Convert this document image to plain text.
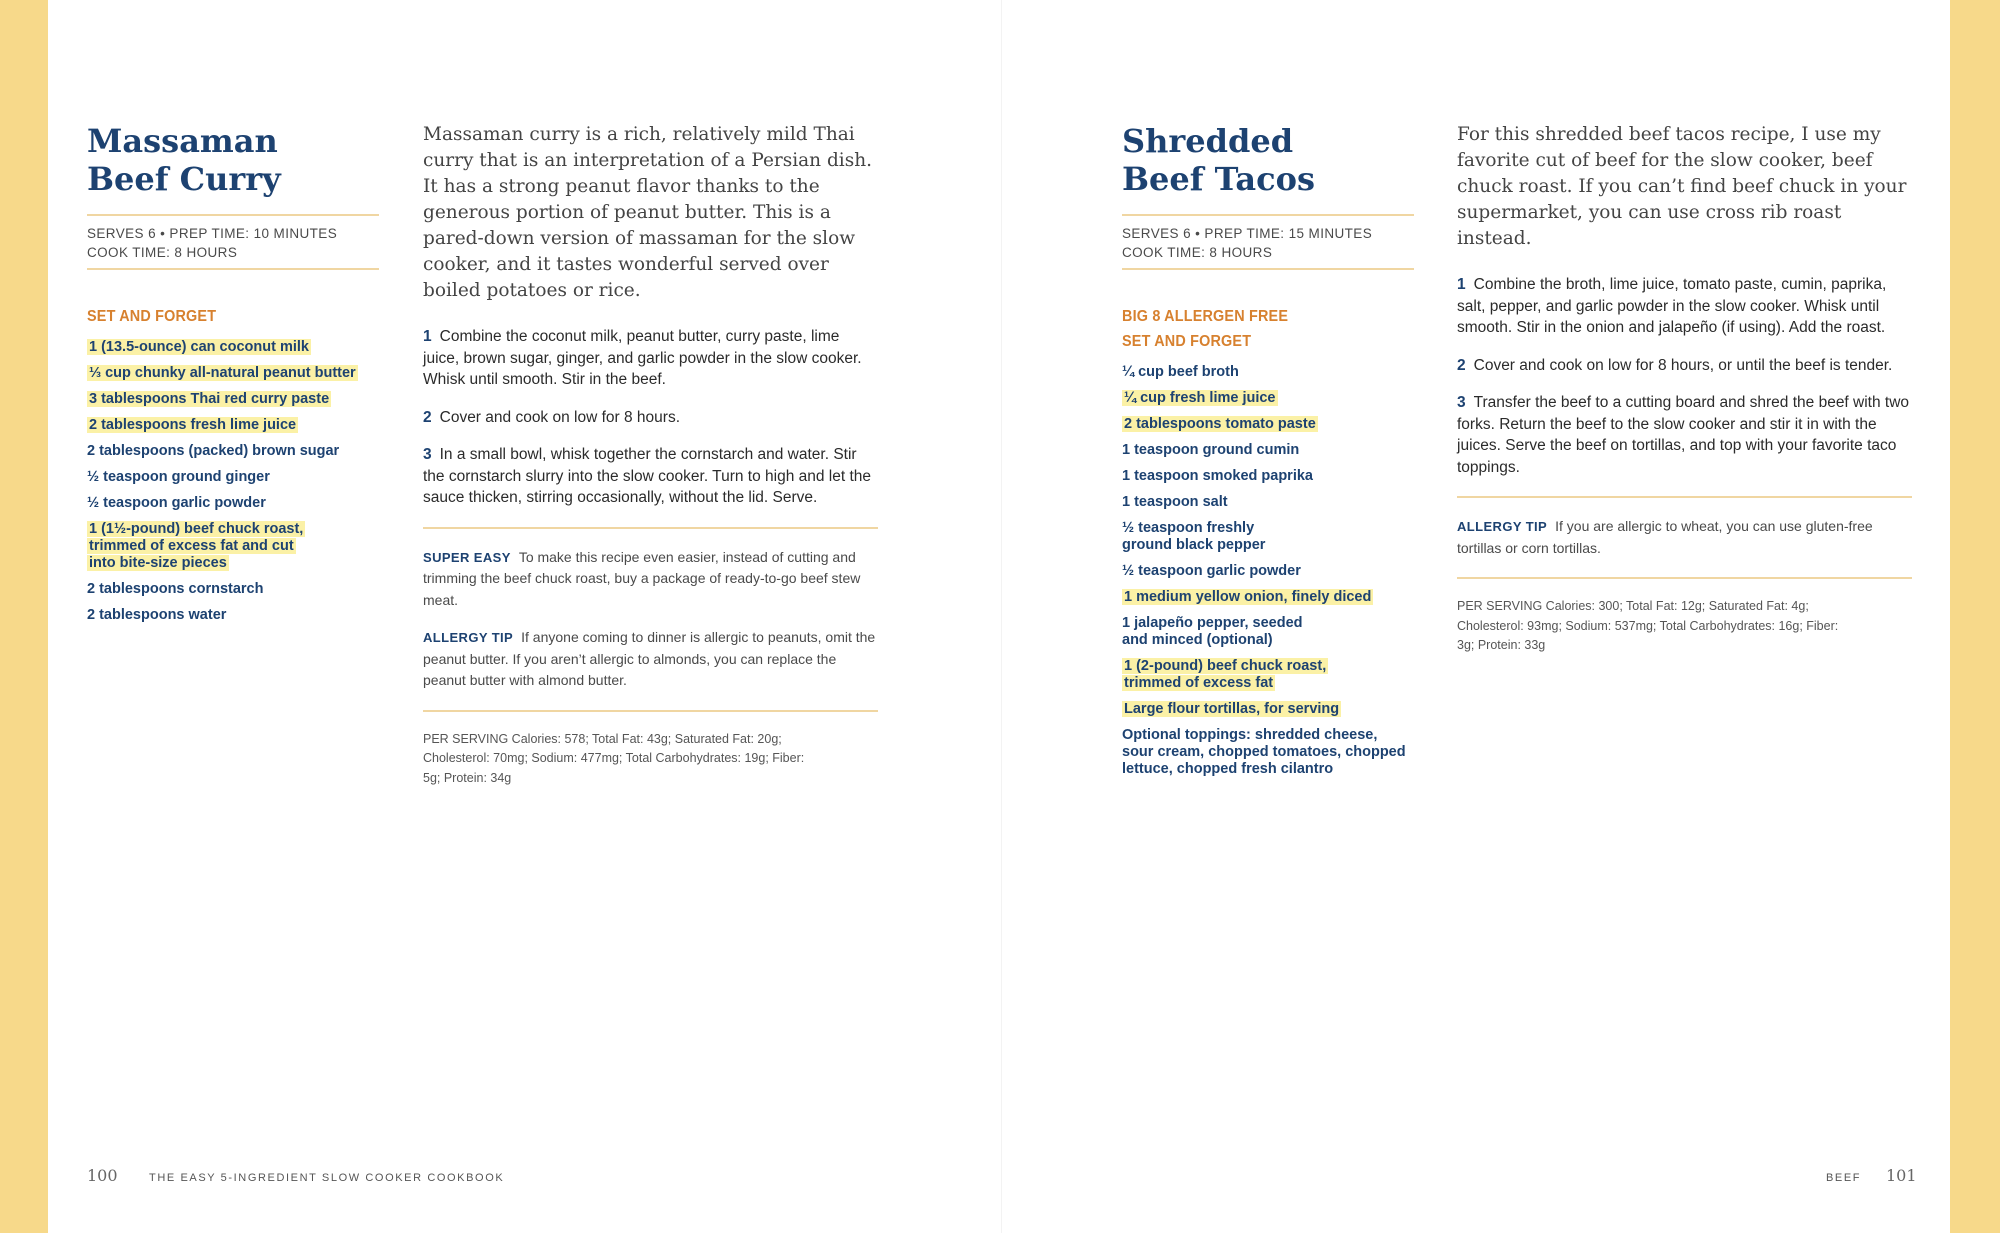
Massaman
Beef Curry
SERVES 6 • PREP TIME: 10 MINUTES
COOK TIME: 8 HOURS
SET AND FORGET
1 (13.5-ounce) can coconut milk
⅓ cup chunky all-natural peanut butter
3 tablespoons Thai red curry paste
2 tablespoons fresh lime juice
2 tablespoons (packed) brown sugar
½ teaspoon ground ginger
½ teaspoon garlic powder
1 (1½-pound) beef chuck roast, trimmed of excess fat and cut into bite-size pieces
2 tablespoons cornstarch
2 tablespoons water

Massaman curry is a rich, relatively mild Thai curry that is an interpretation of a Persian dish. It has a strong peanut flavor thanks to the generous portion of peanut butter. This is a pared-down version of massaman for the slow cooker, and it tastes wonderful served over boiled potatoes or rice.

1 Combine the coconut milk, peanut butter, curry paste, lime juice, brown sugar, ginger, and garlic powder in the slow cooker. Whisk until smooth. Stir in the beef.

2 Cover and cook on low for 8 hours.

3 In a small bowl, whisk together the cornstarch and water. Stir the cornstarch slurry into the slow cooker. Turn to high and let the sauce thicken, stirring occasionally, without the lid. Serve.

SUPER EASY To make this recipe even easier, instead of cutting and trimming the beef chuck roast, buy a package of ready-to-go beef stew meat.

ALLERGY TIP If anyone coming to dinner is allergic to peanuts, omit the peanut butter. If you aren’t allergic to almonds, you can replace the peanut butter with almond butter.

PER SERVING Calories: 578; Total Fat: 43g; Saturated Fat: 20g; Cholesterol: 70mg; Sodium: 477mg; Total Carbohydrates: 19g; Fiber: 5g; Protein: 34g

100	THE EASY 5-INGREDIENT SLOW COOKER COOKBOOK
Shredded
Beef Tacos
SERVES 6 • PREP TIME: 15 MINUTES
COOK TIME: 8 HOURS
BIG 8 ALLERGEN FREE
SET AND FORGET
¼ cup beef broth
¼ cup fresh lime juice
2 tablespoons tomato paste
1 teaspoon ground cumin
1 teaspoon smoked paprika
1 teaspoon salt
½ teaspoon freshly ground black pepper
½ teaspoon garlic powder
1 medium yellow onion, finely diced
1 jalapeño pepper, seeded and minced (optional)
1 (2-pound) beef chuck roast, trimmed of excess fat
Large flour tortillas, for serving
Optional toppings: shredded cheese, sour cream, chopped tomatoes, chopped lettuce, chopped fresh cilantro

For this shredded beef tacos recipe, I use my favorite cut of beef for the slow cooker, beef chuck roast. If you can’t find beef chuck in your supermarket, you can use cross rib roast instead.

1 Combine the broth, lime juice, tomato paste, cumin, paprika, salt, pepper, and garlic powder in the slow cooker. Whisk until smooth. Stir in the onion and jalapeño (if using). Add the roast.

2 Cover and cook on low for 8 hours, or until the beef is tender.

3 Transfer the beef to a cutting board and shred the beef with two forks. Return the beef to the slow cooker and stir it in with the juices. Serve the beef on tortillas, and top with your favorite taco toppings.

ALLERGY TIP If you are allergic to wheat, you can use gluten-free tortillas or corn tortillas.

PER SERVING Calories: 300; Total Fat: 12g; Saturated Fat: 4g; Cholesterol: 93mg; Sodium: 537mg; Total Carbohydrates: 16g; Fiber: 3g; Protein: 33g

BEEF 101
